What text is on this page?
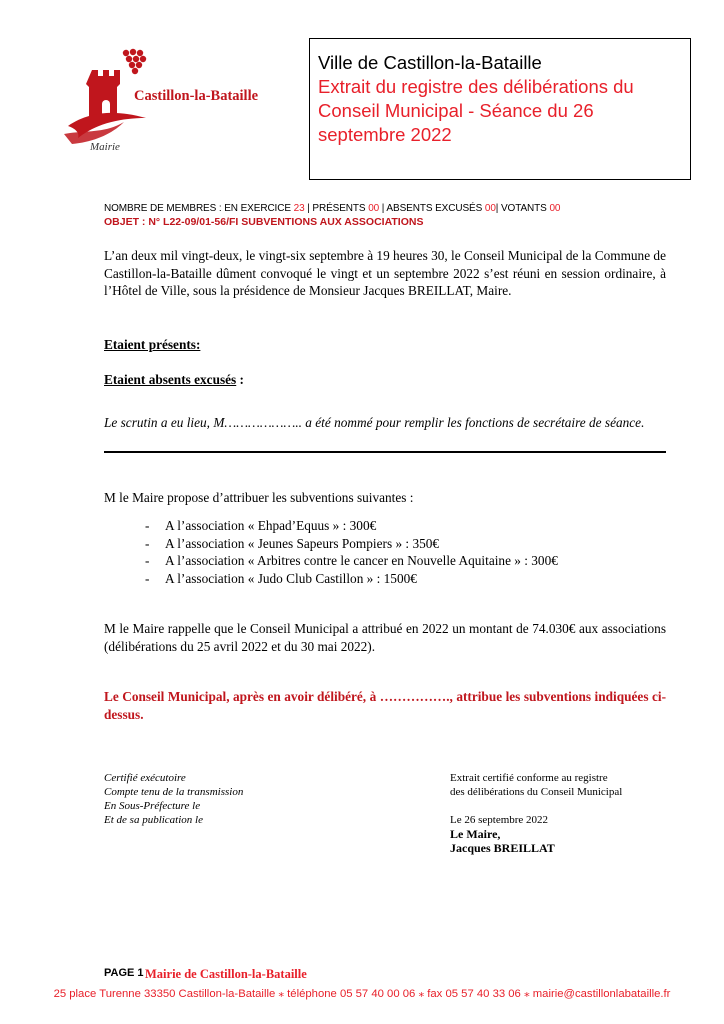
Castillon-la-Bataille
Mairie
Ville de Castillon-la-Bataille
Extrait du registre des délibérations du Conseil Municipal - Séance du 26 septembre 2022
NOMBRE DE MEMBRES : EN EXERCICE 23 | PRÉSENTS 00 | ABSENTS EXCUSÉS 00| VOTANTS 00
OBJET : N° L22-09/01-56/FI SUBVENTIONS AUX ASSOCIATIONS
L’an deux mil vingt-deux, le vingt-six septembre à 19 heures 30, le Conseil Municipal de la Commune de Castillon-la-Bataille dûment convoqué le vingt et un septembre 2022 s’est réuni en session ordinaire, à l’Hôtel de Ville, sous la présidence de Monsieur Jacques BREILLAT, Maire.
Etaient présents:
Etaient absents excusés :
Le scrutin a eu lieu, M……………….. a été nommé pour remplir les fonctions de secrétaire de séance.
M le Maire propose d’attribuer les subventions suivantes :
- A l’association « Ehpad’Equus » : 300€
- A l’association « Jeunes Sapeurs Pompiers » : 350€
- A l’association « Arbitres contre le cancer en Nouvelle Aquitaine » : 300€
- A l’association « Judo Club Castillon » : 1500€
M le Maire rappelle que le Conseil Municipal a attribué en 2022 un montant de 74.030€ aux associations (délibérations du 25 avril 2022 et du 30 mai 2022).
Le Conseil Municipal, après en avoir délibéré, à ……………., attribue les subventions indiquées ci-dessus.
Certifié exécutoire
Compte tenu de la transmission
En Sous-Préfecture le
Et de sa publication le
Extrait certifié conforme au registre
des délibérations du Conseil Municipal
Le 26 septembre 2022
Le Maire,
Jacques BREILLAT
PAGE 1 Mairie de Castillon-la-Bataille
25 place Turenne 33350 Castillon-la-Bataille ⁎ téléphone 05 57 40 00 06 ⁎ fax 05 57 40 33 06 ⁎ mairie@castillonlabataille.fr
